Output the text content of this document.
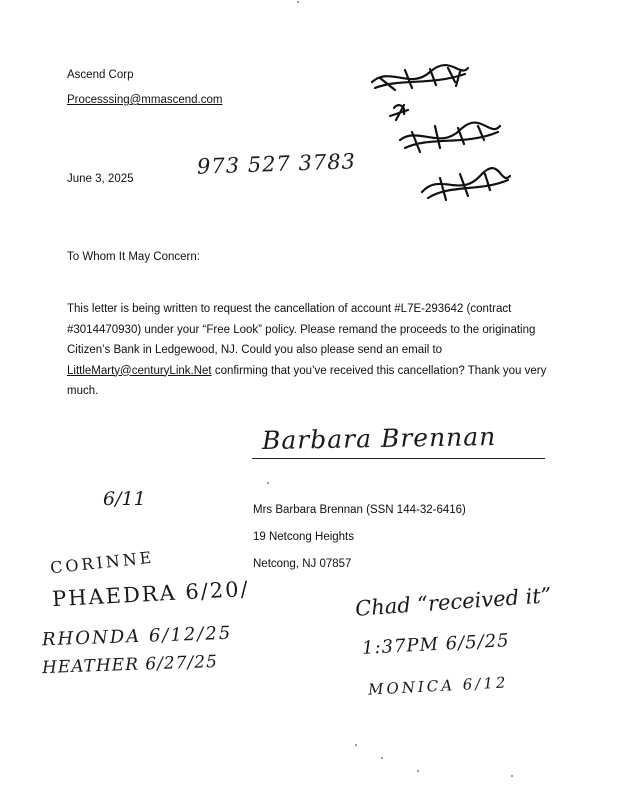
Ascend Corp
Processsing@mmascend.com
June 3, 2025
973 527 3783
To Whom It May Concern:

This letter is being written to request the cancellation of account #L7E-293642 (contract
#3014470930) under your “Free Look” policy. Please remand the proceeds to the originating
Citizen’s Bank in Ledgewood, NJ. Could you also please send an email to
LittleMarty@centuryLink.Net confirming that you’ve received this cancellation? Thank you very
much.

Barbara Brennan
Mrs Barbara Brennan (SSN 144-32-6416)
19 Netcong Heights
Netcong, NJ 07857
6/11
CORINNE
PHAEDRA 6/20/
RHONDA 6/12/25
HEATHER 6/27/25
Chad “received it”
1:37PM 6/5/25
MONICA 6/12
